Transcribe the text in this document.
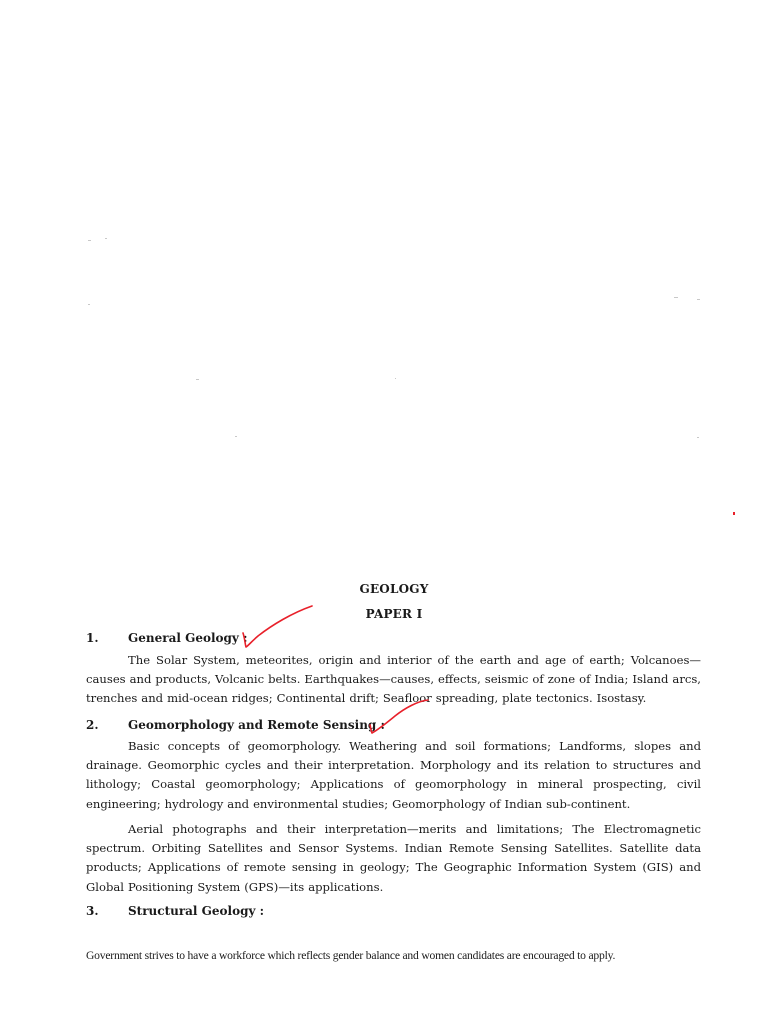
GEOLOGY
PAPER I
1. General Geology :

The Solar System, meteorites, origin and interior of the earth and age of earth; Volcanoes—causes and products, Volcanic belts. Earthquakes—causes, effects, seismic of zone of India; Island arcs, trenches and mid-ocean ridges; Continental drift; Seafloor spreading, plate tectonics. Isostasy.

2. Geomorphology and Remote Sensing :

Basic concepts of geomorphology. Weathering and soil formations; Landforms, slopes and drainage. Geomorphic cycles and their interpretation. Morphology and its relation to structures and lithology; Coastal geomorphology; Applications of geomorphology in mineral prospecting, civil engineering; hydrology and environmental studies; Geomorphology of Indian sub-continent.

Aerial photographs and their interpretation—merits and limitations; The Electromagnetic spectrum. Orbiting Satellites and Sensor Systems. Indian Remote Sensing Satellites. Satellite data products; Applications of remote sensing in geology; The Geographic Information System (GIS) and Global Positioning System (GPS)—its applications.

3. Structural Geology :
Government strives to have a workforce which reflects gender balance and women candidates are encouraged to apply.
